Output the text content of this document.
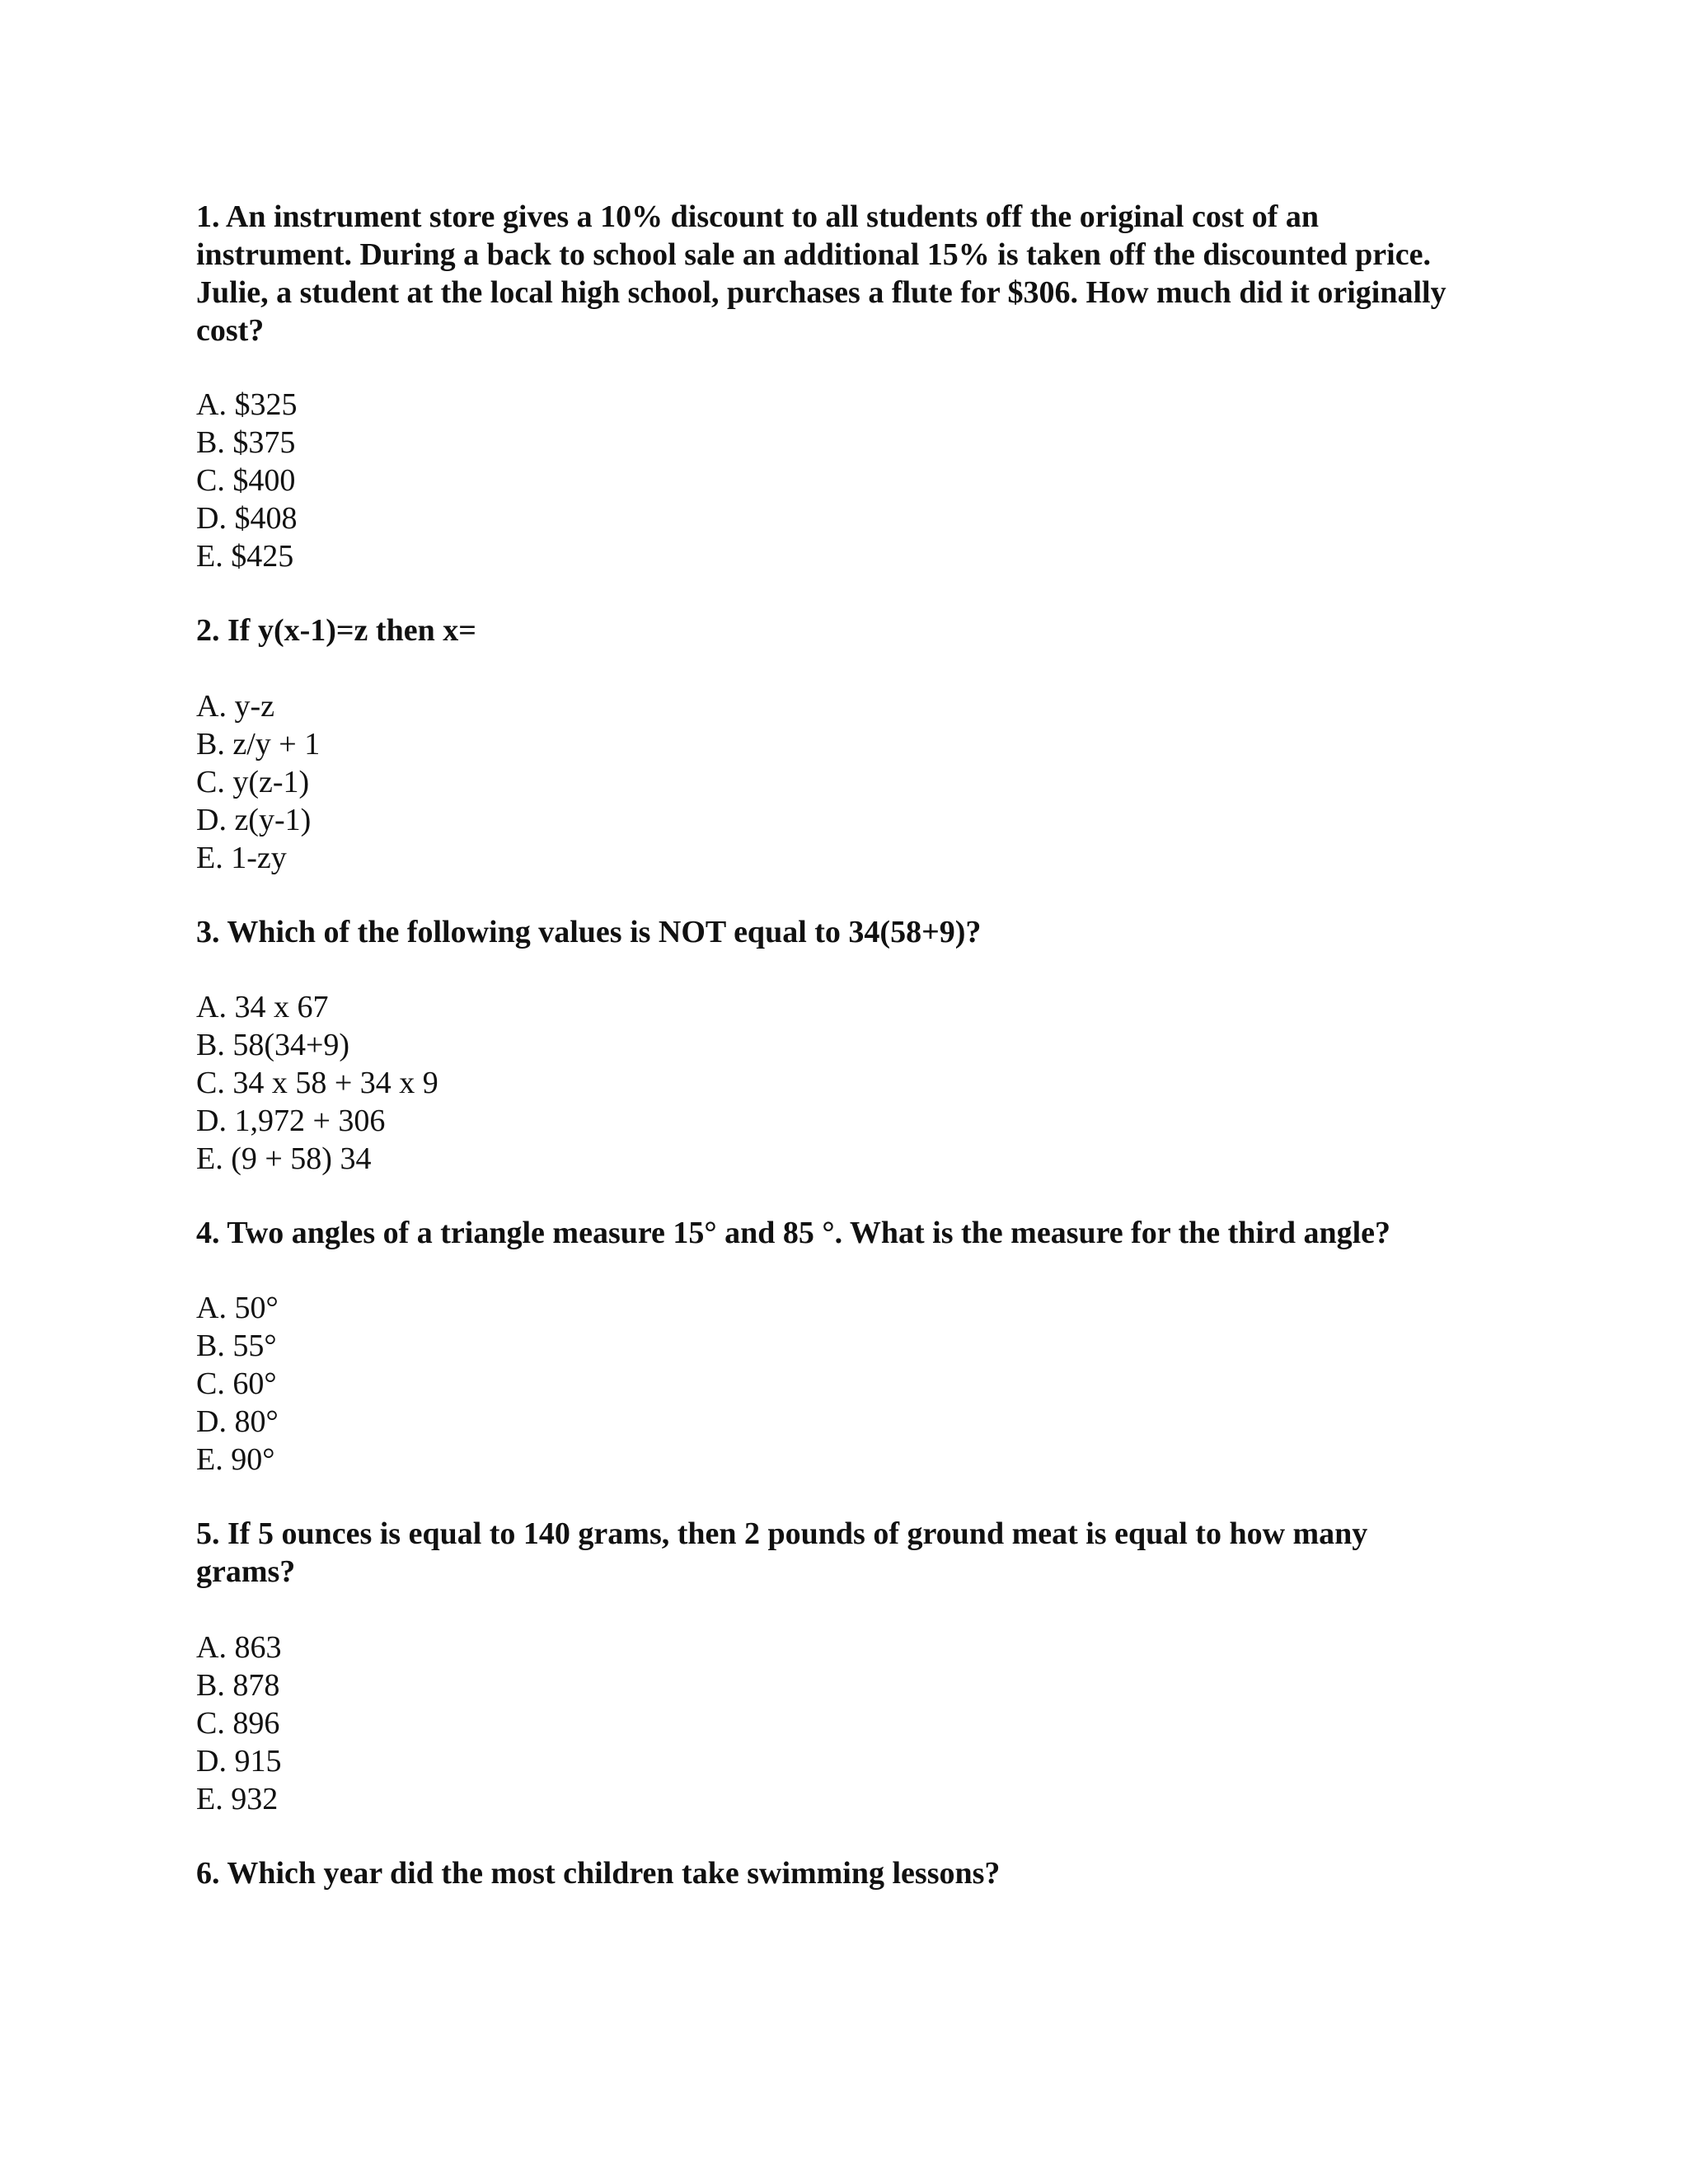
1. An instrument store gives a 10% discount to all students off the original cost of an instrument. During a back to school sale an additional 15% is taken off the discounted price. Julie, a student at the local high school, purchases a flute for $306. How much did it originally cost?

A. $325
B. $375
C. $400
D. $408
E. $425

2. If y(x-1)=z then x=

A. y-z
B. z/y + 1
C. y(z-1)
D. z(y-1)
E. 1-zy

3. Which of the following values is NOT equal to 34(58+9)?

A. 34 x 67
B. 58(34+9)
C. 34 x 58 + 34 x 9
D. 1,972 + 306
E. (9 + 58) 34

4. Two angles of a triangle measure 15° and 85 °. What is the measure for the third angle?

A. 50°
B. 55°
C. 60°
D. 80°
E. 90°

5. If 5 ounces is equal to 140 grams, then 2 pounds of ground meat is equal to how many grams?

A. 863
B. 878
C. 896
D. 915
E. 932

6. Which year did the most children take swimming lessons?
